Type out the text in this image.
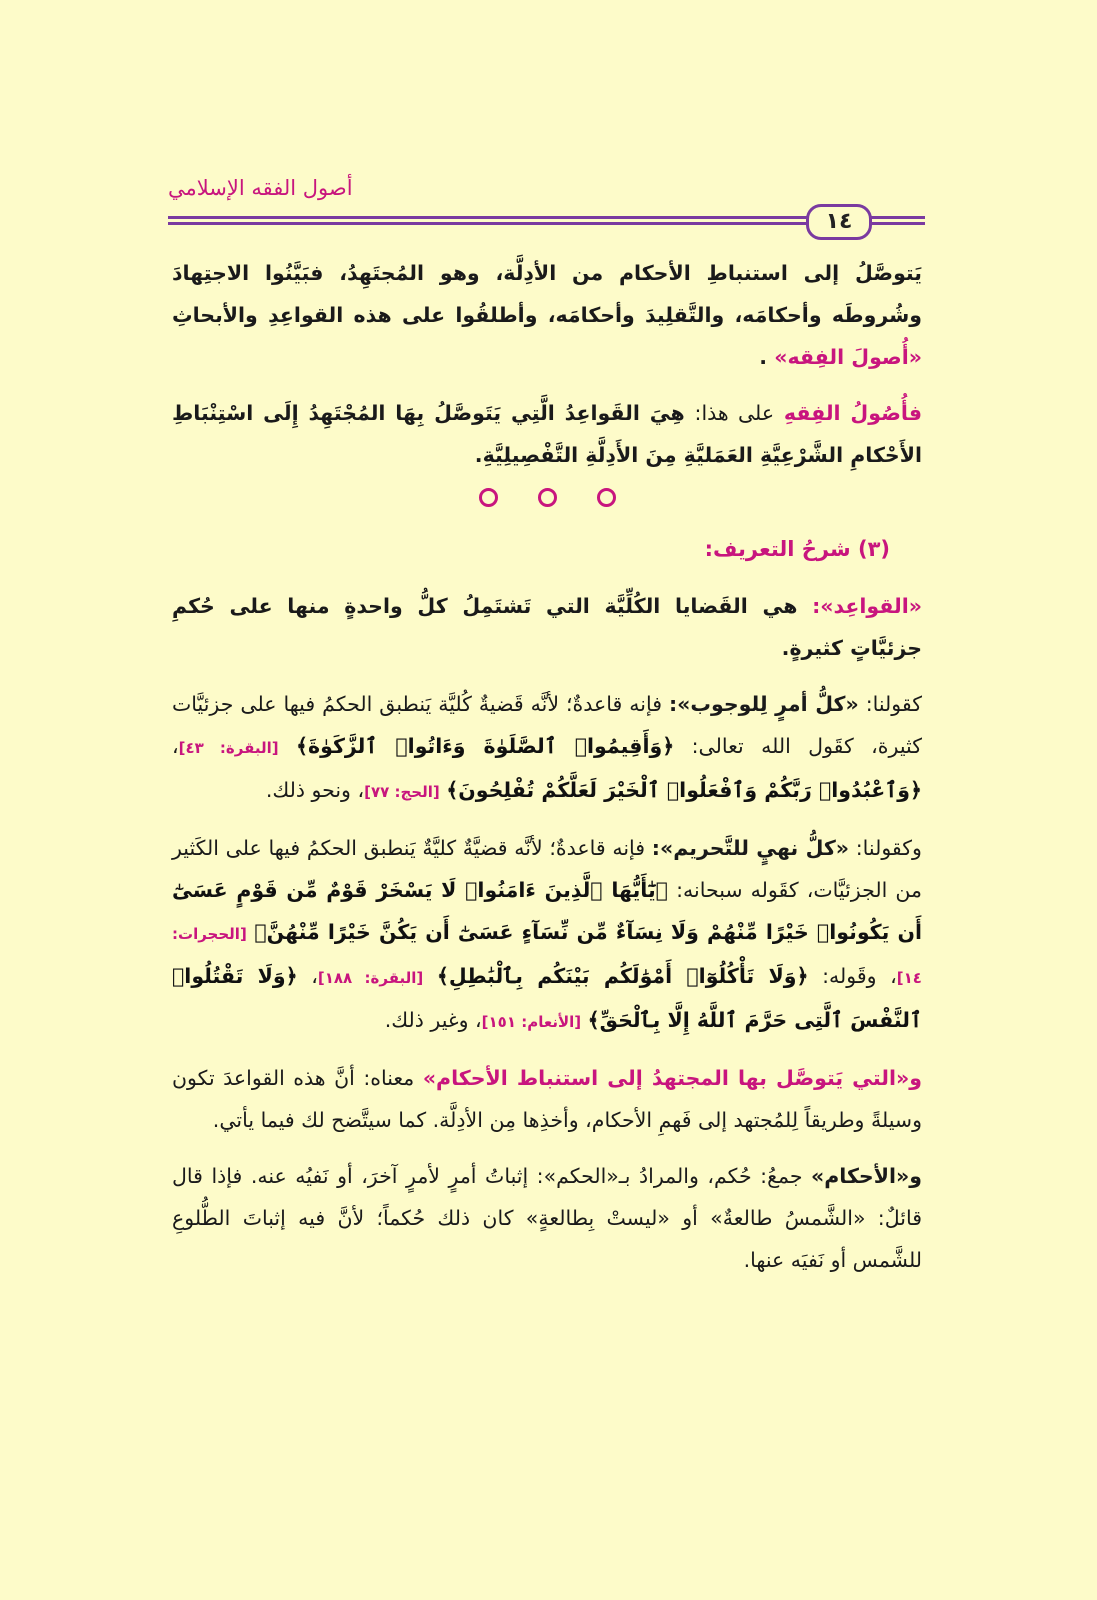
أصول الفقه الإسلامي
١٤

يَتوصَّلُ إلى استنباطِ الأحكام من الأدِلَّة، وهو المُجتَهِدُ، فبَيَّنُوا الاجتِهادَ وشُروطَه وأحكامَه، والتَّقلِيدَ وأحكامَه، وأطلقُوا على هذه القواعِدِ والأبحاثِ «أُصولَ الفِقه» .

فأُصُولُ الفِقهِ على هذا: هِيَ القَواعِدُ الَّتِي يَتَوصَّلُ بِهَا المُجْتَهِدُ إِلَى اسْتِنْبَاطِ الأَحْكامِ الشَّرْعِيَّةِ العَمَليَّةِ مِنَ الأَدِلَّةِ التَّفْصِيلِيَّةِ.

(٣) شرحُ التعريف:

«القواعِد»: هي القَضايا الكُلِّيَّة التي تَشتَمِلُ كلُّ واحدةٍ منها على حُكمِ جزئيَّاتٍ كثيرةٍ.

كقولنا: «كلُّ أمرٍ لِلوجوب»: فإنه قاعدةٌ؛ لأنَّه قَضيةٌ كُليَّة يَنطبق الحكمُ فيها على جزئيَّات كثيرة، كقَول الله تعالى: ﴿وَأَقِيمُوا۟ ٱلصَّلَوٰةَ وَءَاتُوا۟ ٱلزَّكَوٰةَ﴾ [البقرة: ٤٣]، ﴿وَٱعْبُدُوا۟ رَبَّكُمْ وَٱفْعَلُوا۟ ٱلْخَيْرَ لَعَلَّكُمْ تُفْلِحُونَ﴾ [الحج: ٧٧]، ونحو ذلك.

وكقولنا: «كلُّ نهيٍ للتَّحريم»: فإنه قاعدةٌ؛ لأنَّه قضيَّةٌ كليَّةٌ يَنطبق الحكمُ فيها على الكَثير من الجزئيَّات، كقَوله سبحانه: ﴿يَٰٓأَيُّهَا ٱلَّذِينَ ءَامَنُوا۟ لَا يَسْخَرْ قَوْمٌ مِّن قَوْمٍ عَسَىٰٓ أَن يَكُونُوا۟ خَيْرًا مِّنْهُمْ وَلَا نِسَآءٌ مِّن نِّسَآءٍ عَسَىٰٓ أَن يَكُنَّ خَيْرًا مِّنْهُنَّ﴾ [الحجرات: ١٤]، وقَوله: ﴿وَلَا تَأْكُلُوٓا۟ أَمْوَٰلَكُم بَيْنَكُم بِٱلْبَٰطِلِ﴾ [البقرة: ١٨٨]، ﴿وَلَا تَقْتُلُوا۟ ٱلنَّفْسَ ٱلَّتِى حَرَّمَ ٱللَّهُ إِلَّا بِٱلْحَقِّ﴾ [الأنعام: ١٥١]، وغير ذلك.

و«التي يَتوصَّل بها المجتهدُ إلى استنباط الأحكام» معناه: أنَّ هذه القواعدَ تكون وسيلةً وطريقاً لِلمُجتهد إلى فَهمِ الأحكام، وأخذِها مِن الأدِلَّة. كما سيتَّضح لك فيما يأتي.

و«الأحكام» جمعُ: حُكم، والمرادُ بـ«الحكم»: إثباتُ أمرٍ لأمرٍ آخرَ، أو نَفيُه عنه. فإذا قال قائلٌ: «الشَّمسُ طالعةٌ» أو «ليستْ بِطالعةٍ» كان ذلك حُكماً؛ لأنَّ فيه إثباتَ الطُّلوعِ للشَّمس أو نَفيَه عنها.
